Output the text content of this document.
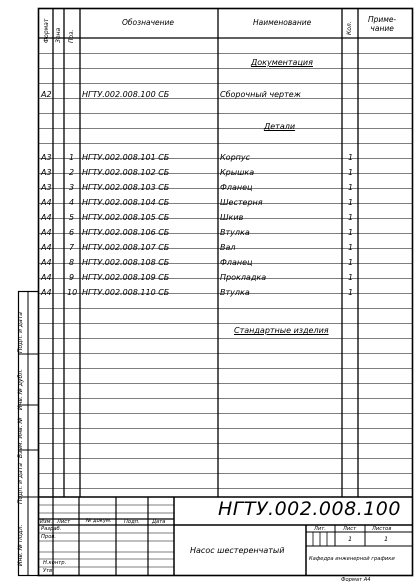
Формат Зона Поз.
Обозначение	Наименование	Кол.
Приме-
чание
Документация
А2	НГТУ.002.008.100 СБ	Сборочный чертеж
Детали
А3 1 НГТУ.002.008.101 СБ	Корпус	1
А3 2 НГТУ.002.008.102 СБ	Крышка	1
А3 3 НГТУ.002.008.103 СБ	Фланец	1
А4 4 НГТУ.002.008.104 СБ	Шестерня	1
А4 5 НГТУ.002.008.105 СБ	Шкив	1
А4 6 НГТУ.002.008.106 СБ	Втулка	1
А4 7 НГТУ.002.008.107 СБ	Вал	1
А4 8 НГТУ.002.008.108 СБ	Фланец	1
А4 9 НГТУ.002.008.109 СБ	Прокладка	1
А4 10 НГТУ.002.008.110 СБ	Втулка	1
Стандартные изделия
Подп. и дата
Инв. № дубл.
Взам. инв. №
Подп. и дата
Инв. № подл.
НГТУ.002.008.100
Изм. Лист	№ докум. Подп. Дата
Разраб.
Пров.
Н.контр.
Утв.
Насос шестеренчатый
Лит.	Лист	Листов
1	1
Кафедра инженерной графики
Формат А4
